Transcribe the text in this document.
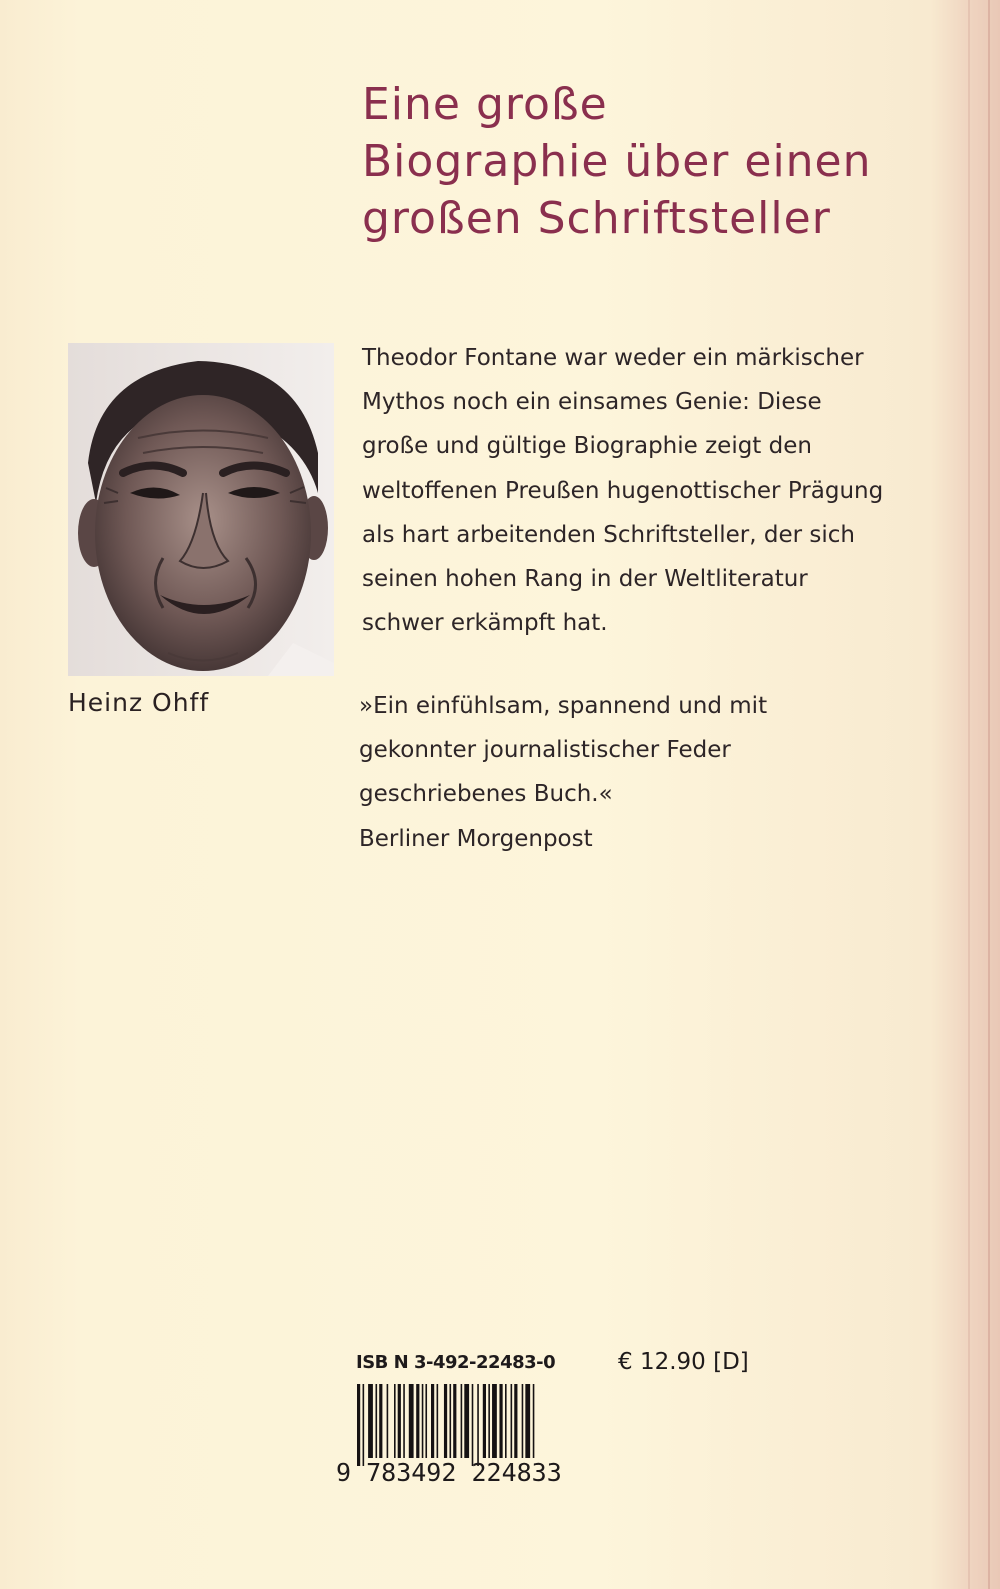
Eine große
Biographie über einen
großen Schriftsteller
Heinz Ohff
Theodor Fontane war weder ein märkischer
Mythos noch ein einsames Genie: Diese
große und gültige Biographie zeigt den
weltoffenen Preußen hugenottischer Prägung
als hart arbeitenden Schriftsteller, der sich
seinen hohen Rang in der Weltliteratur
schwer erkämpft hat.
»Ein einfühlsam, spannend und mit
gekonnter journalistischer Feder
geschriebenes Buch.«
Berliner Morgenpost
ISB N 3-492-22483-0	€ 12.90 [D]
9 783492 224833
